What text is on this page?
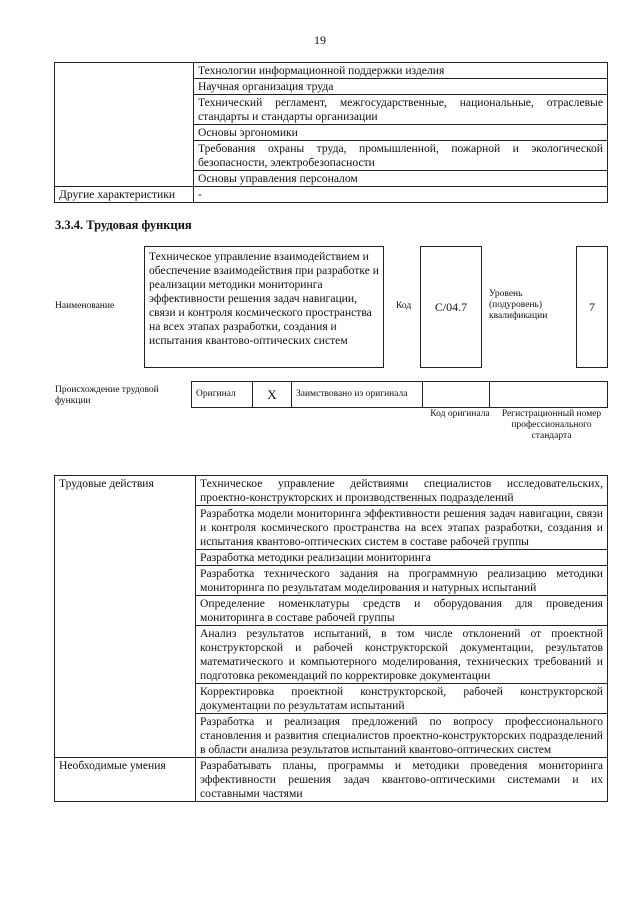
19
	Технологии информационной поддержки изделия
	Научная организация труда
	Технический регламент, межгосударственные, национальные, отраслевые стандарты и стандарты организации
	Основы эргономики
	Требования охраны труда, промышленной, пожарной и экологической безопасности, электробезопасности
	Основы управления персоналом
Другие характеристики	-
3.3.4. Трудовая функция
Наименование
Техническое управление взаимодействием и обеспечение взаимодействия при разработке и реализации методики мониторинга эффективности решения задач навигации, связи и контроля космического пространства на всех этапах разработки, создания и испытания квантово-оптических систем
Код	C/04.7
Уровень (подуровень) квалификации
7
Происхождение трудовой функции
Оригинал	X	Заимствовано из оригинала		
Код оригинала	Регистрационный номер профессионального стандарта
Трудовые действия	Техническое управление действиями специалистов исследовательских, проектно-конструкторских и производственных подразделений
	Разработка модели мониторинга эффективности решения задач навигации, связи и контроля космического пространства на всех этапах разработки, создания и испытания квантово-оптических систем в составе рабочей группы
	Разработка методики реализации мониторинга
	Разработка технического задания на программную реализацию методики мониторинга по результатам моделирования и натурных испытаний
	Определение номенклатуры средств и оборудования для проведения мониторинга в составе рабочей группы
	Анализ результатов испытаний, в том числе отклонений от проектной конструкторской и рабочей конструкторской документации, результатов математического и компьютерного моделирования, технических требований и подготовка рекомендаций по корректировке документации
	Корректировка проектной конструкторской, рабочей конструкторской документации по результатам испытаний
	Разработка и реализация предложений по вопросу профессионального становления и развития специалистов проектно-конструкторских подразделений в области анализа результатов испытаний квантово-оптических систем
Необходимые умения	Разрабатывать планы, программы и методики проведения мониторинга эффективности решения задач квантово-оптическими системами и их составными частями
